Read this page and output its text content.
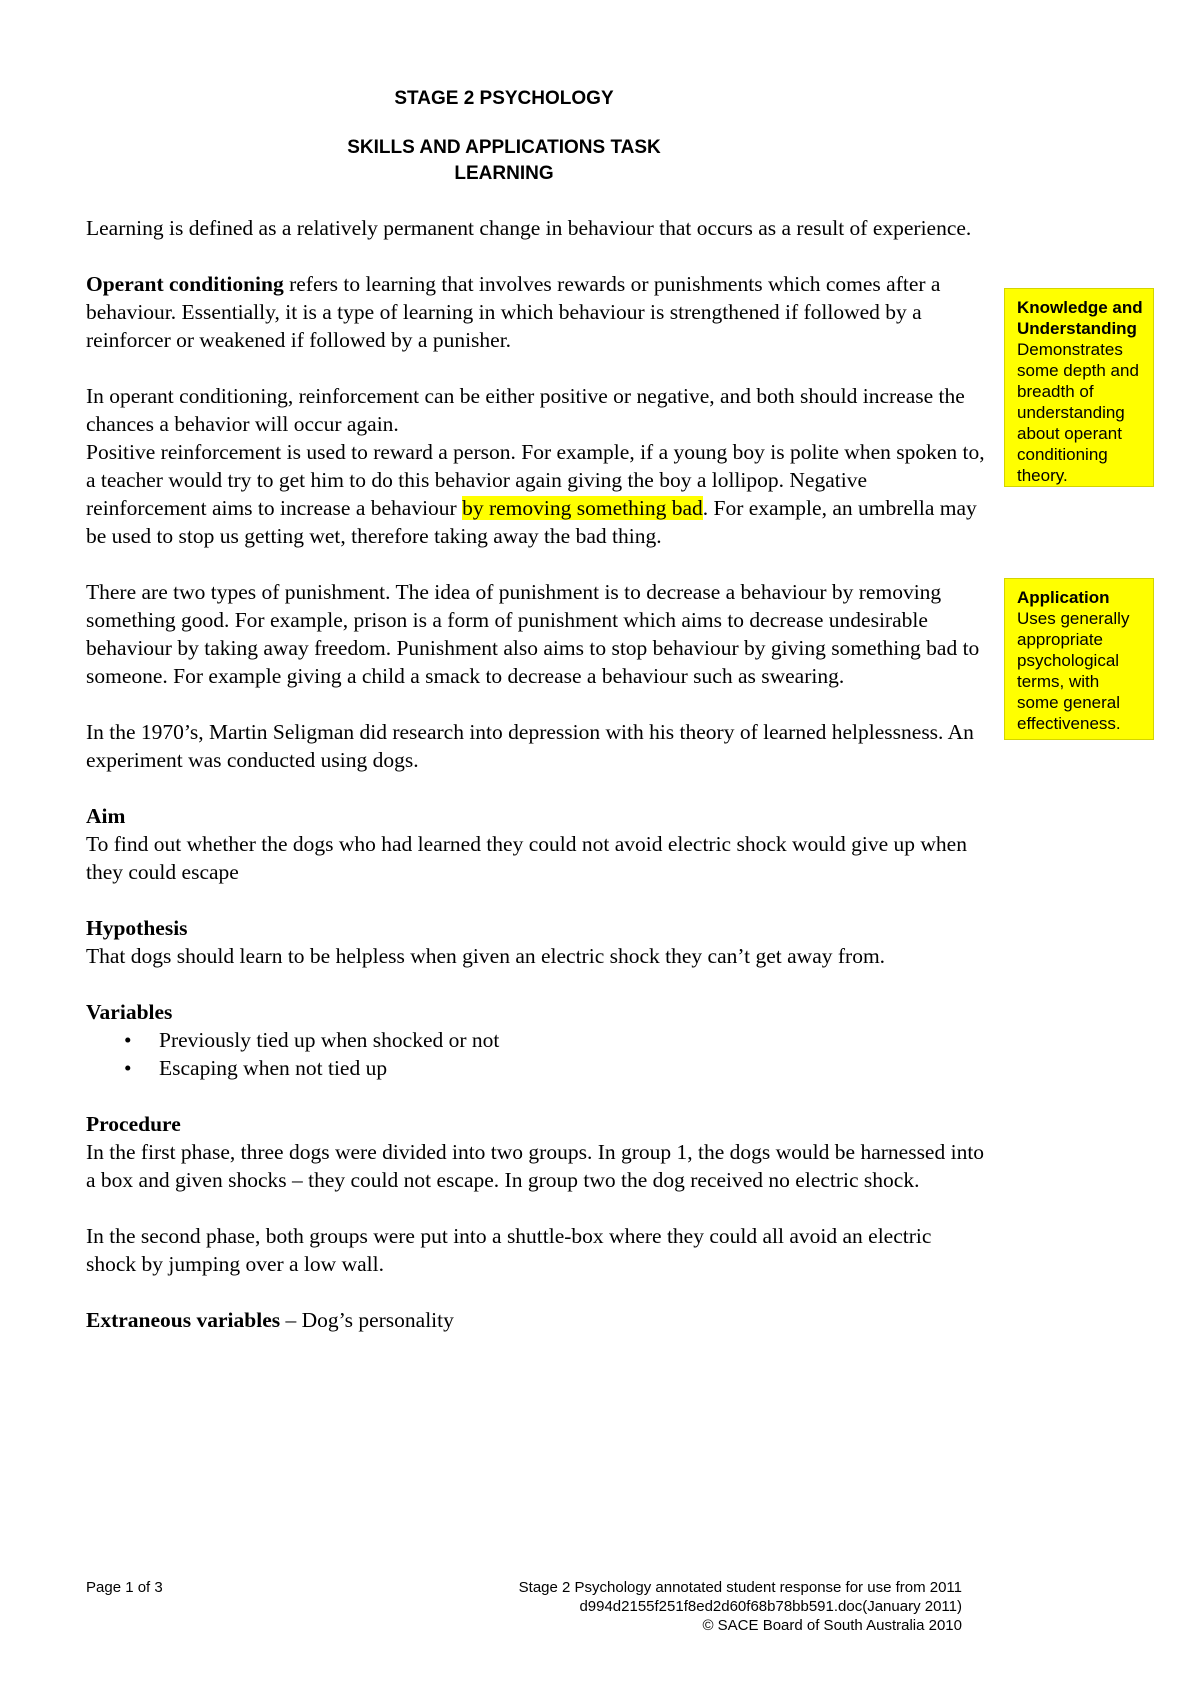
STAGE 2 PSYCHOLOGY
SKILLS AND APPLICATIONS TASK
LEARNING

Learning is defined as a relatively permanent change in behaviour that occurs as a result of experience.

Operant conditioning refers to learning that involves rewards or punishments which comes after a behaviour. Essentially, it is a type of learning in which behaviour is strengthened if followed by a reinforcer or weakened if followed by a punisher.

In operant conditioning, reinforcement can be either positive or negative, and both should increase the chances a behavior will occur again.

Positive reinforcement is used to reward a person. For example, if a young boy is polite when spoken to, a teacher would try to get him to do this behavior again giving the boy a lollipop. Negative reinforcement aims to increase a behaviour by removing something bad. For example, an umbrella may be used to stop us getting wet, therefore taking away the bad thing.

There are two types of punishment. The idea of punishment is to decrease a behaviour by removing something good. For example, prison is a form of punishment which aims to decrease undesirable behaviour by taking away freedom. Punishment also aims to stop behaviour by giving something bad to someone. For example giving a child a smack to decrease a behaviour such as swearing.

In the 1970’s, Martin Seligman did research into depression with his theory of learned helplessness. An experiment was conducted using dogs.

Aim
To find out whether the dogs who had learned they could not avoid electric shock would give up when they could escape
Hypothesis
That dogs should learn to be helpless when given an electric shock they can’t get away from.
Variables
• Previously tied up when shocked or not
• Escaping when not tied up
Procedure
In the first phase, three dogs were divided into two groups. In group 1, the dogs would be harnessed into a box and given shocks – they could not escape. In group two the dog received no electric shock.

In the second phase, both groups were put into a shuttle-box where they could all avoid an electric shock by jumping over a low wall.

Extraneous variables – Dog’s personality

Knowledge and Understanding
Demonstrates some depth and breadth of understanding about operant conditioning theory.
Application
Uses generally appropriate psychological terms, with some general effectiveness.
Page 1 of 3	Stage 2 Psychology annotated student response for use from 2011
d994d2155f251f8ed2d60f68b78bb591.doc(January 2011)
© SACE Board of South Australia 2010
